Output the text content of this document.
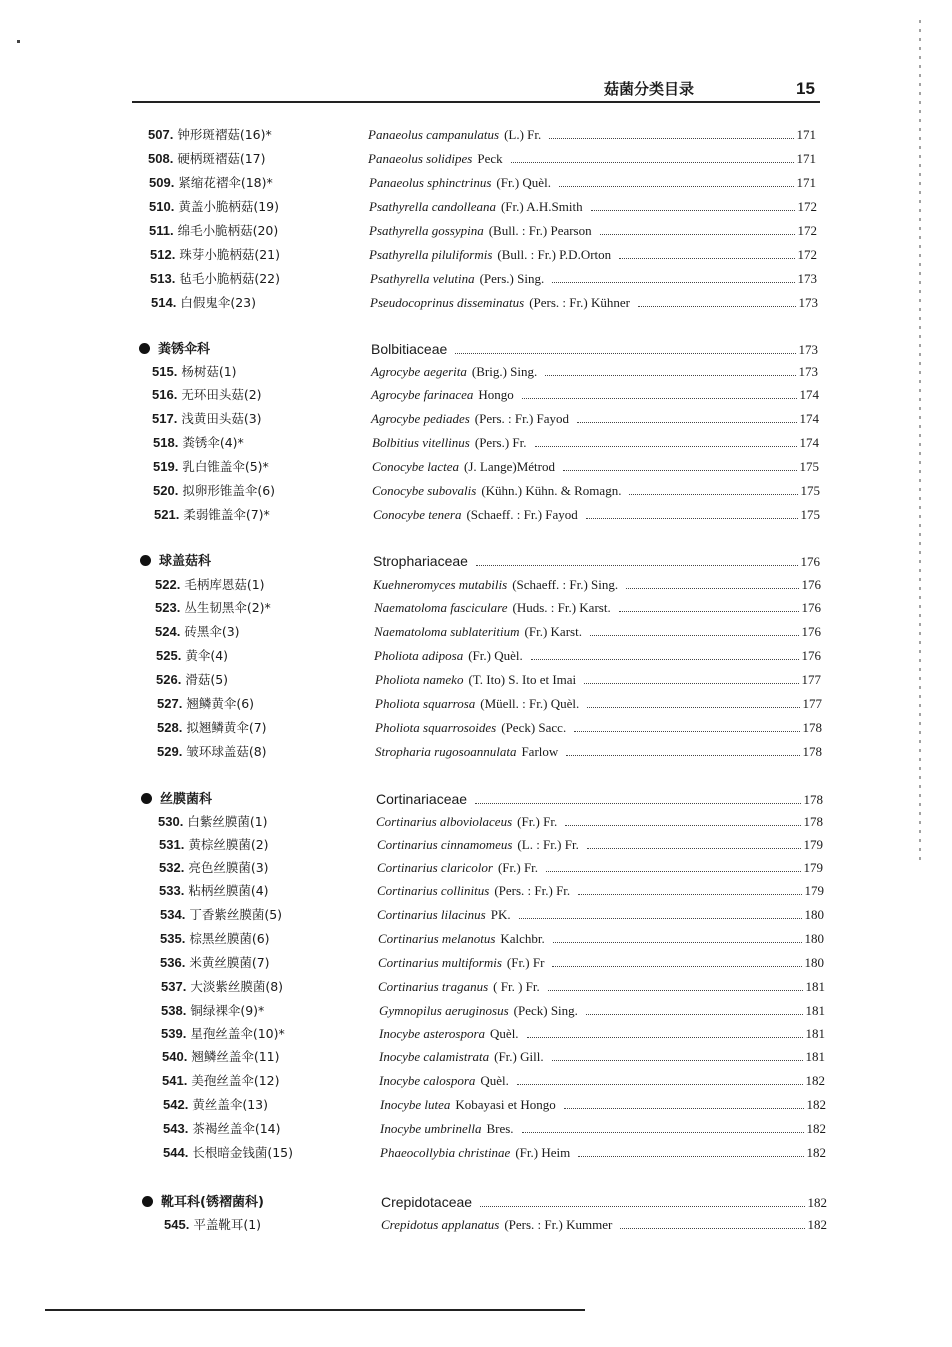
菇菌分类目录	15
507. 钟形斑褶菇(16)*	Panaeolus campanulatus (L.) Fr.	171
508. 硬柄斑褶菇(17)	Panaeolus solidipes Peck	171
509. 紧缩花褶伞(18)*	Panaeolus sphinctrinus (Fr.) Quèl.	171
510. 黄盖小脆柄菇(19)	Psathyrella candolleana (Fr.) A.H.Smith	172
511. 绵毛小脆柄菇(20)	Psathyrella gossypina (Bull. : Fr.) Pearson	172
512. 珠芽小脆柄菇(21)	Psathyrella piluliformis (Bull. : Fr.) P.D.Orton	172
513. 毡毛小脆柄菇(22)	Psathyrella velutina (Pers.) Sing.	173
514. 白假鬼伞(23)	Pseudocoprinus disseminatus (Pers. : Fr.) Kühner	173
粪锈伞科	Bolbitiaceae	173
515. 杨树菇(1)	Agrocybe aegerita (Brig.) Sing.	173
516. 无环田头菇(2)	Agrocybe farinacea Hongo	174
517. 浅黄田头菇(3)	Agrocybe pediades (Pers. : Fr.) Fayod	174
518. 粪锈伞(4)*	Bolbitius vitellinus (Pers.) Fr.	174
519. 乳白锥盖伞(5)*	Conocybe lactea (J. Lange)Métrod	175
520. 拟卵形锥盖伞(6)	Conocybe subovalis (Kühn.) Kühn. & Romagn.	175
521. 柔弱锥盖伞(7)*	Conocybe tenera (Schaeff. : Fr.) Fayod	175
球盖菇科	Strophariaceae	176
522. 毛柄库恩菇(1)	Kuehneromyces mutabilis (Schaeff. : Fr.) Sing.	176
523. 丛生韧黑伞(2)*	Naematoloma fasciculare (Huds. : Fr.) Karst.	176
524. 砖黑伞(3)	Naematoloma sublateritium (Fr.) Karst.	176
525. 黄伞(4)	Pholiota adiposa (Fr.) Quèl.	176
526. 滑菇(5)	Pholiota nameko (T. Ito) S. Ito et Imai	177
527. 翘鳞黄伞(6)	Pholiota squarrosa (Müell. : Fr.) Quèl.	177
528. 拟翘鳞黄伞(7)	Pholiota squarrosoides (Peck) Sacc.	178
529. 皱环球盖菇(8)	Stropharia rugosoannulata Farlow	178
丝膜菌科	Cortinariaceae	178
530. 白紫丝膜菌(1)	Cortinarius alboviolaceus (Fr.) Fr.	178
531. 黄棕丝膜菌(2)	Cortinarius cinnamomeus (L. : Fr.) Fr.	179
532. 亮色丝膜菌(3)	Cortinarius claricolor (Fr.) Fr.	179
533. 粘柄丝膜菌(4)	Cortinarius collinitus (Pers. : Fr.) Fr.	179
534. 丁香紫丝膜菌(5)	Cortinarius lilacinus PK.	180
535. 棕黑丝膜菌(6)	Cortinarius melanotus Kalchbr.	180
536. 米黄丝膜菌(7)	Cortinarius multiformis (Fr.) Fr	180
537. 大淡紫丝膜菌(8)	Cortinarius traganus ( Fr. ) Fr.	181
538. 铜绿裸伞(9)*	Gymnopilus aeruginosus (Peck) Sing.	181
539. 星孢丝盖伞(10)*	Inocybe asterospora Quèl.	181
540. 翘鳞丝盖伞(11)	Inocybe calamistrata (Fr.) Gill.	181
541. 美孢丝盖伞(12)	Inocybe calospora Quèl.	182
542. 黄丝盖伞(13)	Inocybe lutea Kobayasi et Hongo	182
543. 茶褐丝盖伞(14)	Inocybe umbrinella Bres.	182
544. 长根暗金钱菌(15)	Phaeocollybia christinae (Fr.) Heim	182
靴耳科(锈褶菌科)	Crepidotaceae	182
545. 平盖靴耳(1)	Crepidotus applanatus (Pers. : Fr.) Kummer	182
